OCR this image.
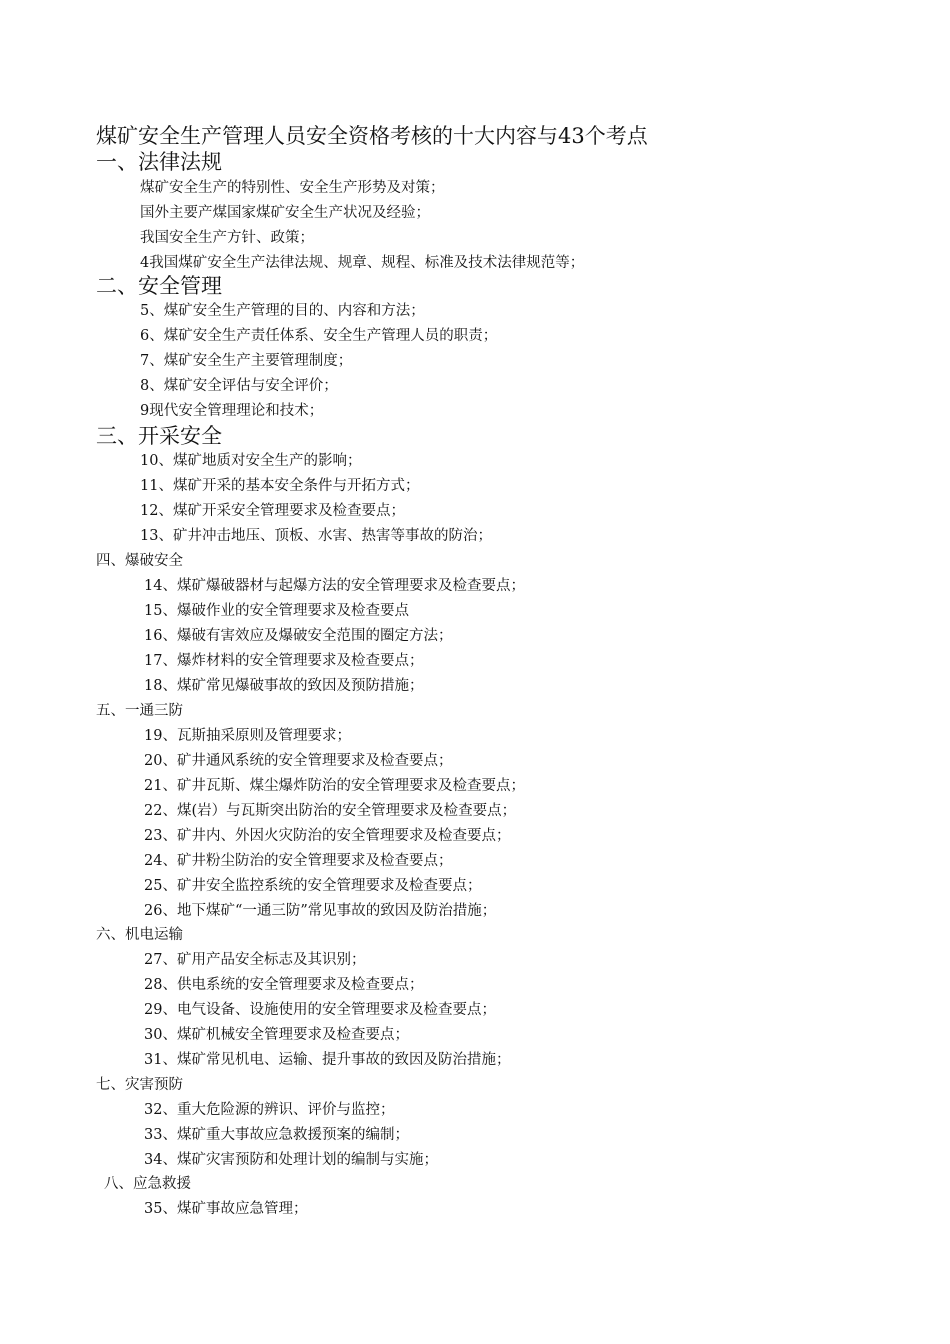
煤矿安全生产管理人员安全资格考核的十大内容与43个考点
一、法律法规
煤矿安全生产的特别性、安全生产形势及对策；
国外主要产煤国家煤矿安全生产状况及经验；
我国安全生产方针、政策；
4我国煤矿安全生产法律法规、规章、规程、标准及技术法律规范等；
二、安全管理
5、煤矿安全生产管理的目的、内容和方法；
6、煤矿安全生产责任体系、安全生产管理人员的职责；
7、煤矿安全生产主要管理制度；
8、煤矿安全评估与安全评价；
9现代安全管理理论和技术；
三、开采安全
10、煤矿地质对安全生产的影响；
11、煤矿开采的基本安全条件与开拓方式；
12、煤矿开采安全管理要求及检查要点；
13、矿井冲击地压、顶板、水害、热害等事故的防治；
四、爆破安全
14、煤矿爆破器材与起爆方法的安全管理要求及检查要点；
15、爆破作业的安全管理要求及检查要点
16、爆破有害效应及爆破安全范围的圈定方法；
17、爆炸材料的安全管理要求及检查要点；
18、煤矿常见爆破事故的致因及预防措施；
五、一通三防
19、瓦斯抽采原则及管理要求；
20、矿井通风系统的安全管理要求及检查要点；
21、矿井瓦斯、煤尘爆炸防治的安全管理要求及检查要点；
22、煤(岩）与瓦斯突出防治的安全管理要求及检查要点；
23、矿井内、外因火灾防治的安全管理要求及检查要点；
24、矿井粉尘防治的安全管理要求及检查要点；
25、矿井安全监控系统的安全管理要求及检查要点；
26、地下煤矿“一通三防”常见事故的致因及防治措施；
六、机电运输
27、矿用产品安全标志及其识别；
28、供电系统的安全管理要求及检查要点；
29、电气设备、设施使用的安全管理要求及检查要点；
30、煤矿机械安全管理要求及检查要点；
31、煤矿常见机电、运输、提升事故的致因及防治措施；
七、灾害预防
32、重大危险源的辨识、评价与监控；
33、煤矿重大事故应急救援预案的编制；
34、煤矿灾害预防和处理计划的编制与实施；
八、应急救援
35、煤矿事故应急管理；
